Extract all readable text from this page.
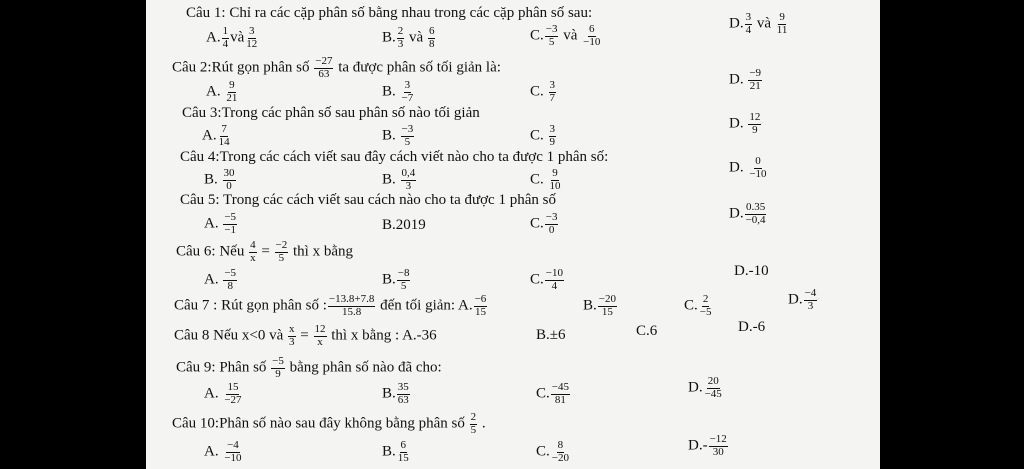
Câu 1: Chỉ ra các cặp phân số bằng nhau trong các cặp phân số sau:
A. $\frac{1}{4}$ và $\frac{3}{12}$	B. $\frac{2}{3}$ và $\frac{6}{8}$	C. $\frac{-3}{5}$ và $\frac{6}{-10}$
D. $\frac{3}{4}$ và $\frac{9}{11}$
Câu 2:Rút gọn phân số $\frac{-27}{63}$ ta được phân số tối giản là:
A. $\frac{9}{21}$	B. $\frac{3}{-7}$	C. $\frac{3}{7}$
D. $\frac{-9}{21}$
Câu 3:Trong các phân số sau phân số nào tối giản
A. $\frac{7}{14}$	B. $\frac{-3}{5}$	C. $\frac{3}{9}$
D. $\frac{12}{9}$
Câu 4:Trong các cách viết sau đây cách viết nào cho ta được 1 phân số:
B. $\frac{30}{0}$	B. $\frac{0,4}{3}$	C. $\frac{9}{10}$
D. $\frac{0}{-10}$
Câu 5: Trong các cách viết sau cách nào cho ta được 1 phân số
A. $\frac{-5}{-1}$	B.2019	C. $\frac{-3}{0}$	D. $\frac{0.35}{-0,4}$
Câu 6: Nếu $\frac{4}{x} = \frac{-2}{5}$ thì x bằng
A. $\frac{-5}{8}$	B. $\frac{-8}{5}$	C. $\frac{-10}{4}$	D.-10
Câu 7 : Rút gọn phân số : $\frac{-13.8+7.8}{15.8}$ đến tối giản: A. $\frac{-6}{15}$	B. $\frac{-20}{15}$	C. $\frac{2}{-5}$	D. $\frac{-4}{3}$
Câu 8 Nếu x<0 và $\frac{x}{3} = \frac{12}{x}$ thì x bằng : A.-36	B.±6	C.6	D.-6
Câu 9: Phân số $\frac{-5}{9}$ bằng phân số nào đã cho:
A. $\frac{15}{-27}$	B. $\frac{35}{63}$	C. $\frac{-45}{81}$	D. $\frac{20}{-45}$
Câu 10:Phân số nào sau đây không bằng phân số $\frac{2}{5}$ .
A. $\frac{-4}{-10}$	B. $\frac{6}{15}$	C. $\frac{8}{-20}$	$D.- \frac{-12}{30}$
